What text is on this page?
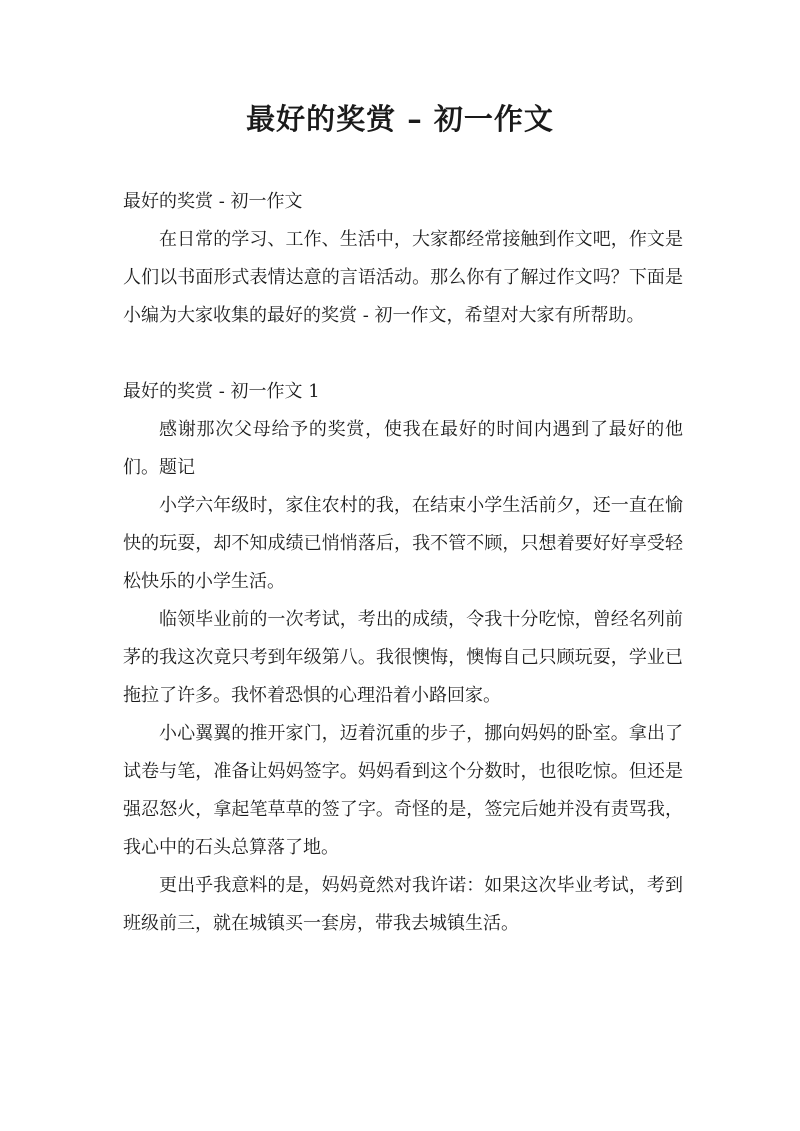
最好的奖赏 – 初一作文

最好的奖赏 - 初一作文

在日常的学习、工作、生活中，大家都经常接触到作文吧，作文是人们以书面形式表情达意的言语活动。那么你有了解过作文吗？下面是小编为大家收集的最好的奖赏 - 初一作文，希望对大家有所帮助。

最好的奖赏 - 初一作文 1

感谢那次父母给予的奖赏，使我在最好的时间内遇到了最好的他们。题记

小学六年级时，家住农村的我，在结束小学生活前夕，还一直在愉快的玩耍，却不知成绩已悄悄落后，我不管不顾，只想着要好好享受轻松快乐的小学生活。

临领毕业前的一次考试，考出的成绩，令我十分吃惊，曾经名列前茅的我这次竟只考到年级第八。我很懊悔，懊悔自己只顾玩耍，学业已拖拉了许多。我怀着恐惧的心理沿着小路回家。

小心翼翼的推开家门，迈着沉重的步子，挪向妈妈的卧室。拿出了试卷与笔，准备让妈妈签字。妈妈看到这个分数时，也很吃惊。但还是强忍怒火，拿起笔草草的签了字。奇怪的是，签完后她并没有责骂我，我心中的石头总算落了地。

更出乎我意料的是，妈妈竟然对我许诺：如果这次毕业考试，考到班级前三，就在城镇买一套房，带我去城镇生活。
